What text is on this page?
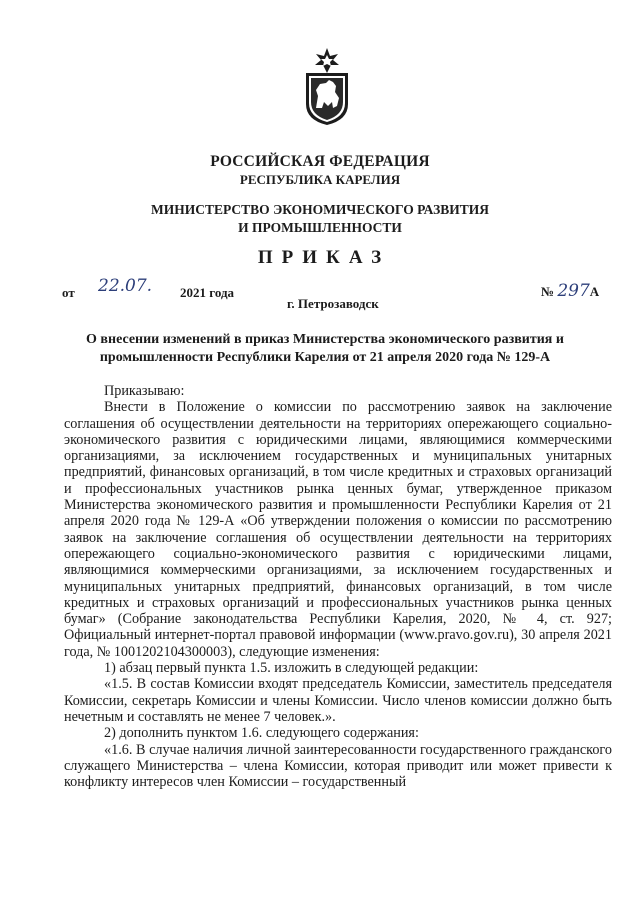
РОССИЙСКАЯ ФЕДЕРАЦИЯ

РЕСПУБЛИКА КАРЕЛИЯ

МИНИСТЕРСТВО ЭКОНОМИЧЕСКОГО РАЗВИТИЯ

И ПРОМЫШЛЕННОСТИ

ПРИКАЗ

от 22.07. 2021 года	№ 297А
г. Петрозаводск

О внесении изменений в приказ Министерства экономического развития и промышленности Республики Карелия от 21 апреля 2020 года № 129-А

Приказываю:

Внести в Положение о комиссии по рассмотрению заявок на заключение соглашения об осуществлении деятельности на территориях опережающего социально-экономического развития с юридическими лицами, являющимися коммерческими организациями, за исключением государственных и муниципальных унитарных предприятий, финансовых организаций, в том числе кредитных и страховых организаций и профессиональных участников рынка ценных бумаг, утвержденное приказом Министерства экономического развития и промышленности Республики Карелия от 21 апреля 2020 года № 129-А «Об утверждении положения о комиссии по рассмотрению заявок на заключение соглашения об осуществлении деятельности на территориях опережающего социально-экономического развития с юридическими лицами, являющимися коммерческими организациями, за исключением государственных и муниципальных унитарных предприятий, финансовых организаций, в том числе кредитных и страховых организаций и профессиональных участников рынка ценных бумаг» (Собрание законодательства Республики Карелия, 2020, № 4, ст. 927; Официальный интернет-портал правовой информации (www.pravo.gov.ru), 30 апреля 2021 года, № 1001202104300003), следующие изменения:

1) абзац первый пункта 1.5. изложить в следующей редакции:

«1.5. В состав Комиссии входят председатель Комиссии, заместитель председателя Комиссии, секретарь Комиссии и члены Комиссии. Число членов комиссии должно быть нечетным и составлять не менее 7 человек.».

2) дополнить пунктом 1.6. следующего содержания:

«1.6. В случае наличия личной заинтересованности государственного гражданского служащего Министерства – члена Комиссии, которая приводит или может привести к конфликту интересов член Комиссии – государственный
